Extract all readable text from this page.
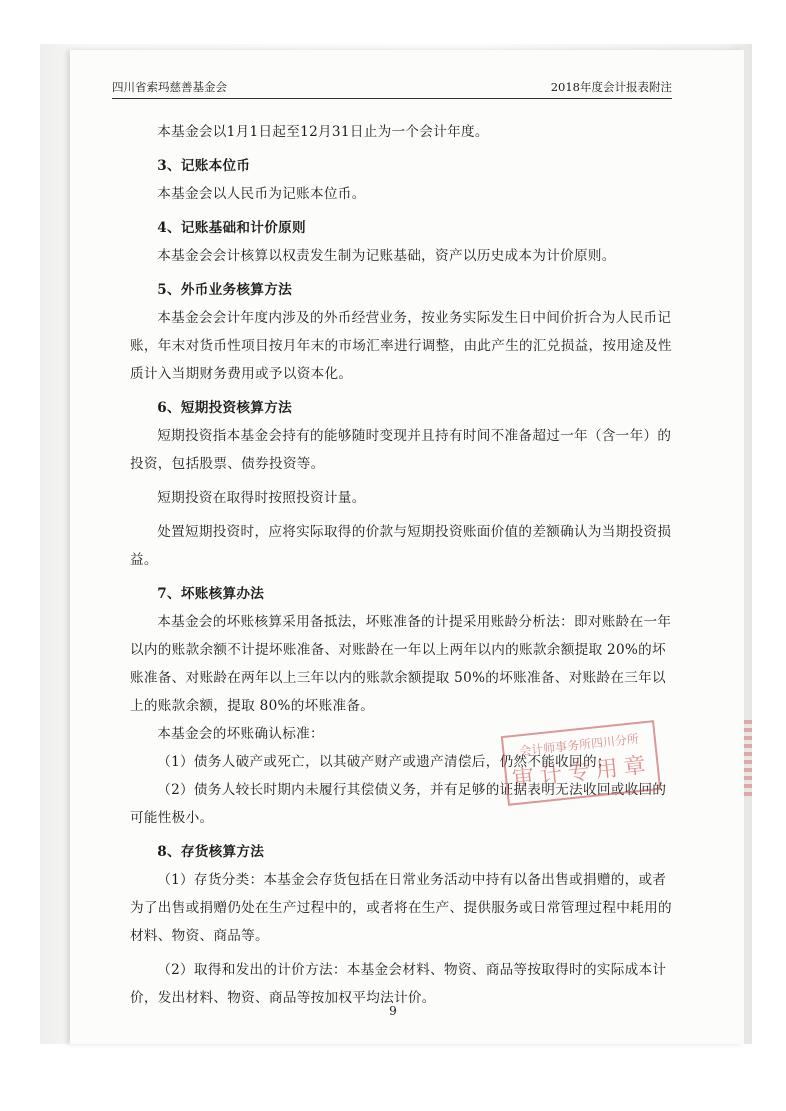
四川省索玛慈善基金会	2018年度会计报表附注

本基金会以1月1日起至12月31日止为一个会计年度。

3、记账本位币

本基金会以人民币为记账本位币。

4、记账基础和计价原则

本基金会会计核算以权责发生制为记账基础，资产以历史成本为计价原则。

5、外币业务核算方法

本基金会会计年度内涉及的外币经营业务，按业务实际发生日中间价折合为人民币记账，年末对货币性项目按月年末的市场汇率进行调整，由此产生的汇兑损益，按用途及性质计入当期财务费用或予以资本化。

6、短期投资核算方法

短期投资指本基金会持有的能够随时变现并且持有时间不准备超过一年（含一年）的投资，包括股票、债券投资等。

短期投资在取得时按照投资计量。

处置短期投资时，应将实际取得的价款与短期投资账面价值的差额确认为当期投资损益。

7、坏账核算办法

本基金会的坏账核算采用备抵法，坏账准备的计提采用账龄分析法：即对账龄在一年以内的账款余额不计提坏账准备、对账龄在一年以上两年以内的账款余额提取 20%的坏账准备、对账龄在两年以上三年以内的账款余额提取 50%的坏账准备、对账龄在三年以上的账款余额，提取 80%的坏账准备。

本基金会的坏账确认标准：

（1）债务人破产或死亡，以其破产财产或遗产清偿后，仍然不能收回的；

（2）债务人较长时期内未履行其偿债义务，并有足够的证据表明无法收回或收回的可能性极小。

8、存货核算方法

（1）存货分类：本基金会存货包括在日常业务活动中持有以备出售或捐赠的，或者为了出售或捐赠仍处在生产过程中的，或者将在生产、提供服务或日常管理过程中耗用的材料、物资、商品等。

（2）取得和发出的计价方法：本基金会材料、物资、商品等按取得时的实际成本计价，发出材料、物资、商品等按加权平均法计价。

会计师事务所四川分所
审计专用章
9
